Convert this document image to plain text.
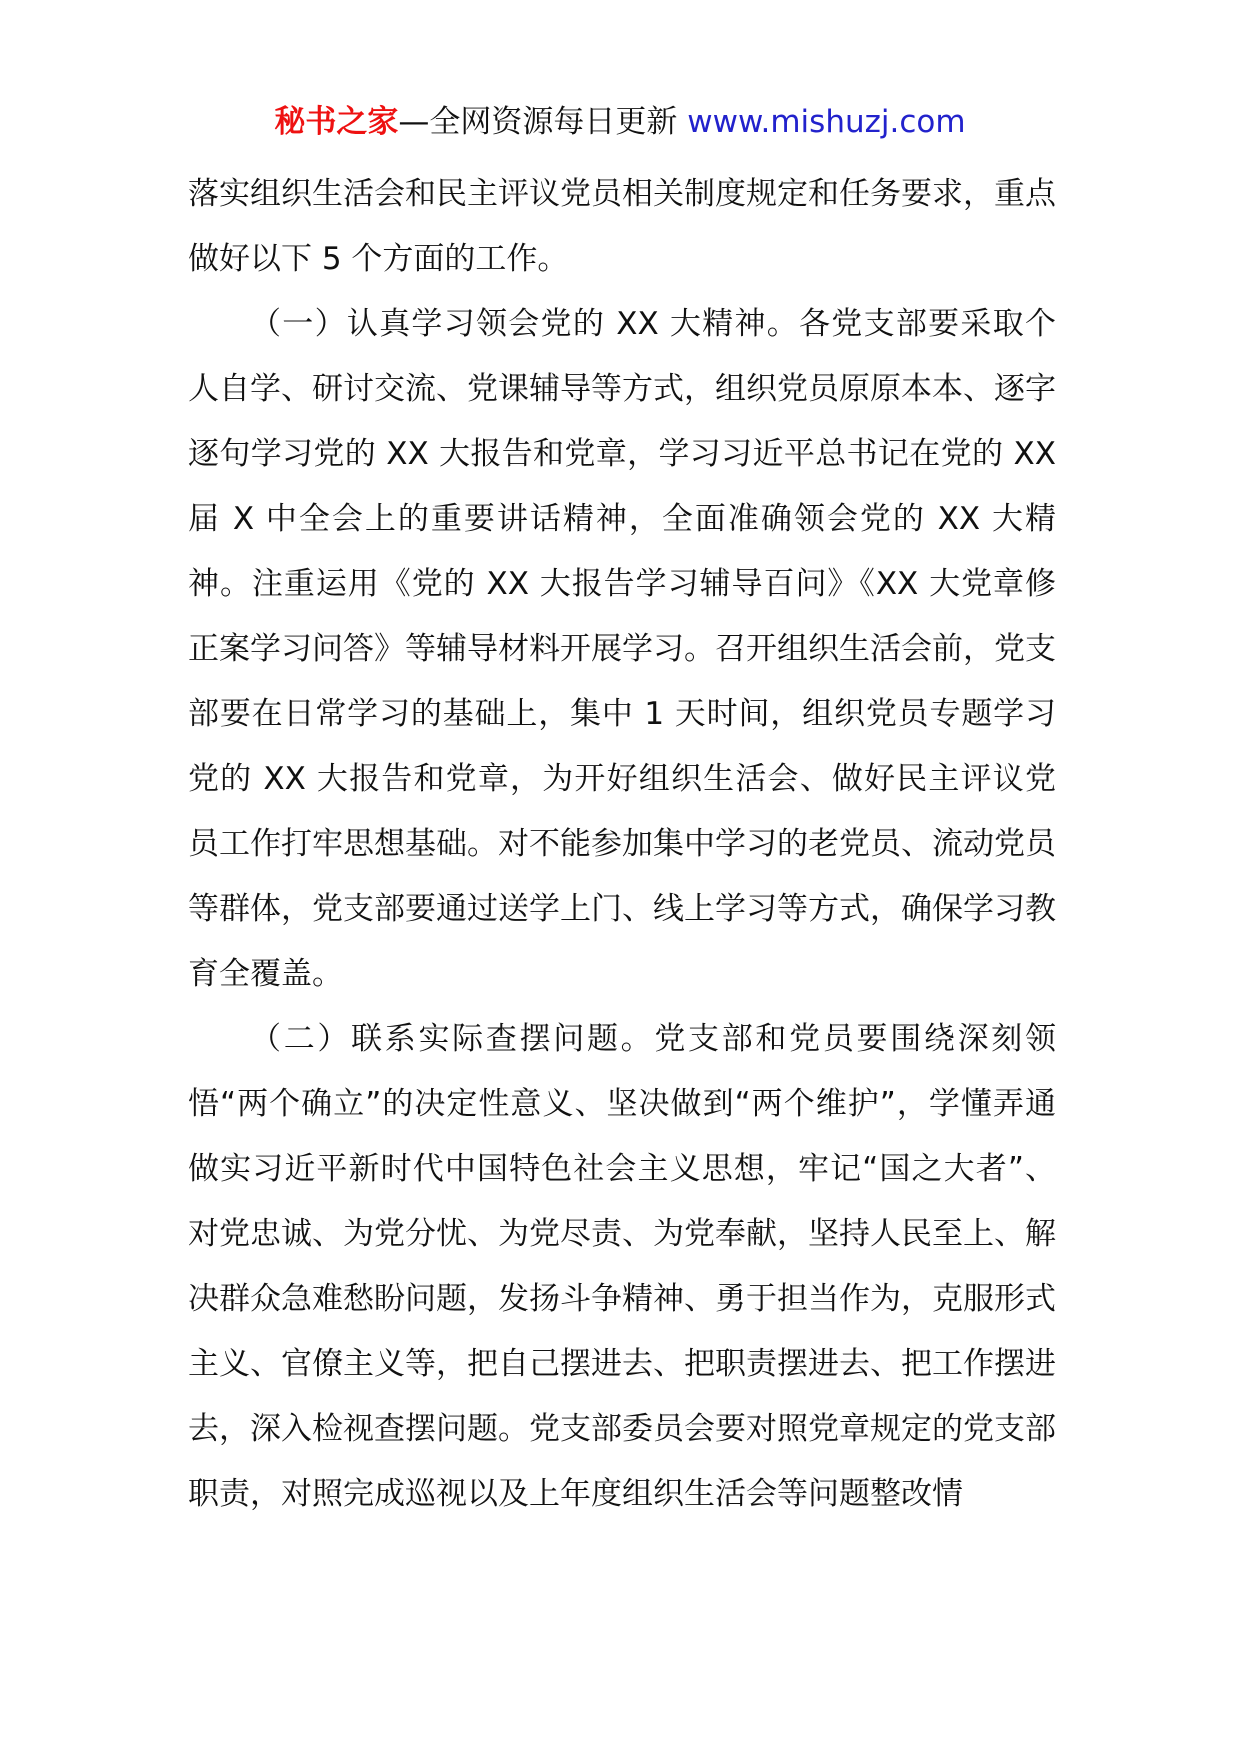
秘书之家—全网资源每日更新 www.mishuzj.com

落实组织生活会和民主评议党员相关制度规定和任务要求，重点做好以下 5 个方面的工作。

（一）认真学习领会党的 XX 大精神。各党支部要采取个人自学、研讨交流、党课辅导等方式，组织党员原原本本、逐字逐句学习党的 XX 大报告和党章，学习习近平总书记在党的 XX 届 X 中全会上的重要讲话精神，全面准确领会党的 XX 大精神。注重运用《党的 XX 大报告学习辅导百问》《XX 大党章修正案学习问答》等辅导材料开展学习。召开组织生活会前，党支部要在日常学习的基础上，集中 1 天时间，组织党员专题学习党的 XX 大报告和党章，为开好组织生活会、做好民主评议党员工作打牢思想基础。对不能参加集中学习的老党员、流动党员等群体，党支部要通过送学上门、线上学习等方式，确保学习教育全覆盖。

（二）联系实际查摆问题。党支部和党员要围绕深刻领悟“两个确立”的决定性意义、坚决做到“两个维护”，学懂弄通做实习近平新时代中国特色社会主义思想，牢记“国之大者”、对党忠诚、为党分忧、为党尽责、为党奉献，坚持人民至上、解决群众急难愁盼问题，发扬斗争精神、勇于担当作为，克服形式主义、官僚主义等，把自己摆进去、把职责摆进去、把工作摆进去，深入检视查摆问题。党支部委员会要对照党章规定的党支部职责，对照完成巡视以及上年度组织生活会等问题整改情
